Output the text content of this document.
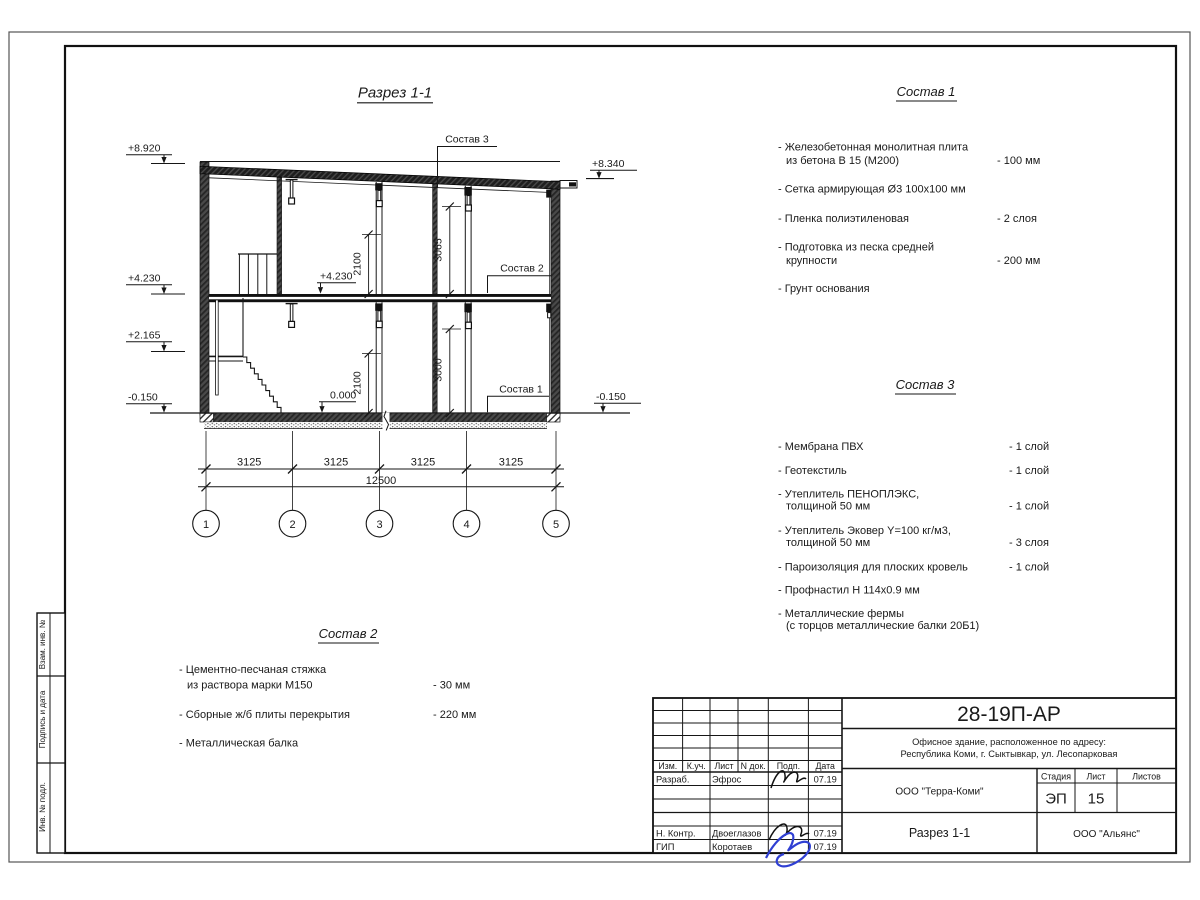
Взам. инв. №
Подпись и дата
Инв. № подл.
Разрез 1-1
+8.920
+8.340
+4.230
+2.165
-0.150	-0.150
+4.230
0.000
2100
3065
2100
3000
Состав 3
Состав 2
Состав 1
3125	3125	3125	3125
12500
1	2	3	4	5
Состав 1
- Железобетонная монолитная плита
из бетона В 15 (М200)	- 100 мм
- Сетка армирующая Ø3 100х100 мм
- Пленка полиэтиленовая	- 2 слоя
- Подготовка из песка средней
крупности	- 200 мм
- Грунт основания
Состав 3
- Мембрана ПВХ	- 1 слой
- Геотекстиль	- 1 слой
- Утеплитель ПЕНОПЛЭКС,
толщиной 50 мм	- 1 слой
- Утеплитель Эковер Y=100 кг/м3,
толщиной 50 мм	- 3 слоя
- Пароизоляция для плоских кровель	- 1 слой
- Профнастил Н 114х0.9 мм
- Металлические фермы
(с торцов металлические балки 20Б1)
Состав 2
- Цементно-песчаная стяжка
из раствора марки М150	- 30 мм
- Сборные ж/б плиты перекрытия	- 220 мм
- Металлическая балка
28-19П-АР
Офисное здание, расположенное по адресу:
Республика Коми, г. Сыктывкар, ул. Лесопарковая
ООО "Терра-Коми"
Разрез 1-1	ООО "Альянс"
Изм. К.уч. Лист N док. Подп. Дата
Разраб. Эфрос	07.19
Н. Контр. Двоеглазов	07.19
ГИП	Коротаев	07.19
Стадия Лист	Листов
ЭП 15
